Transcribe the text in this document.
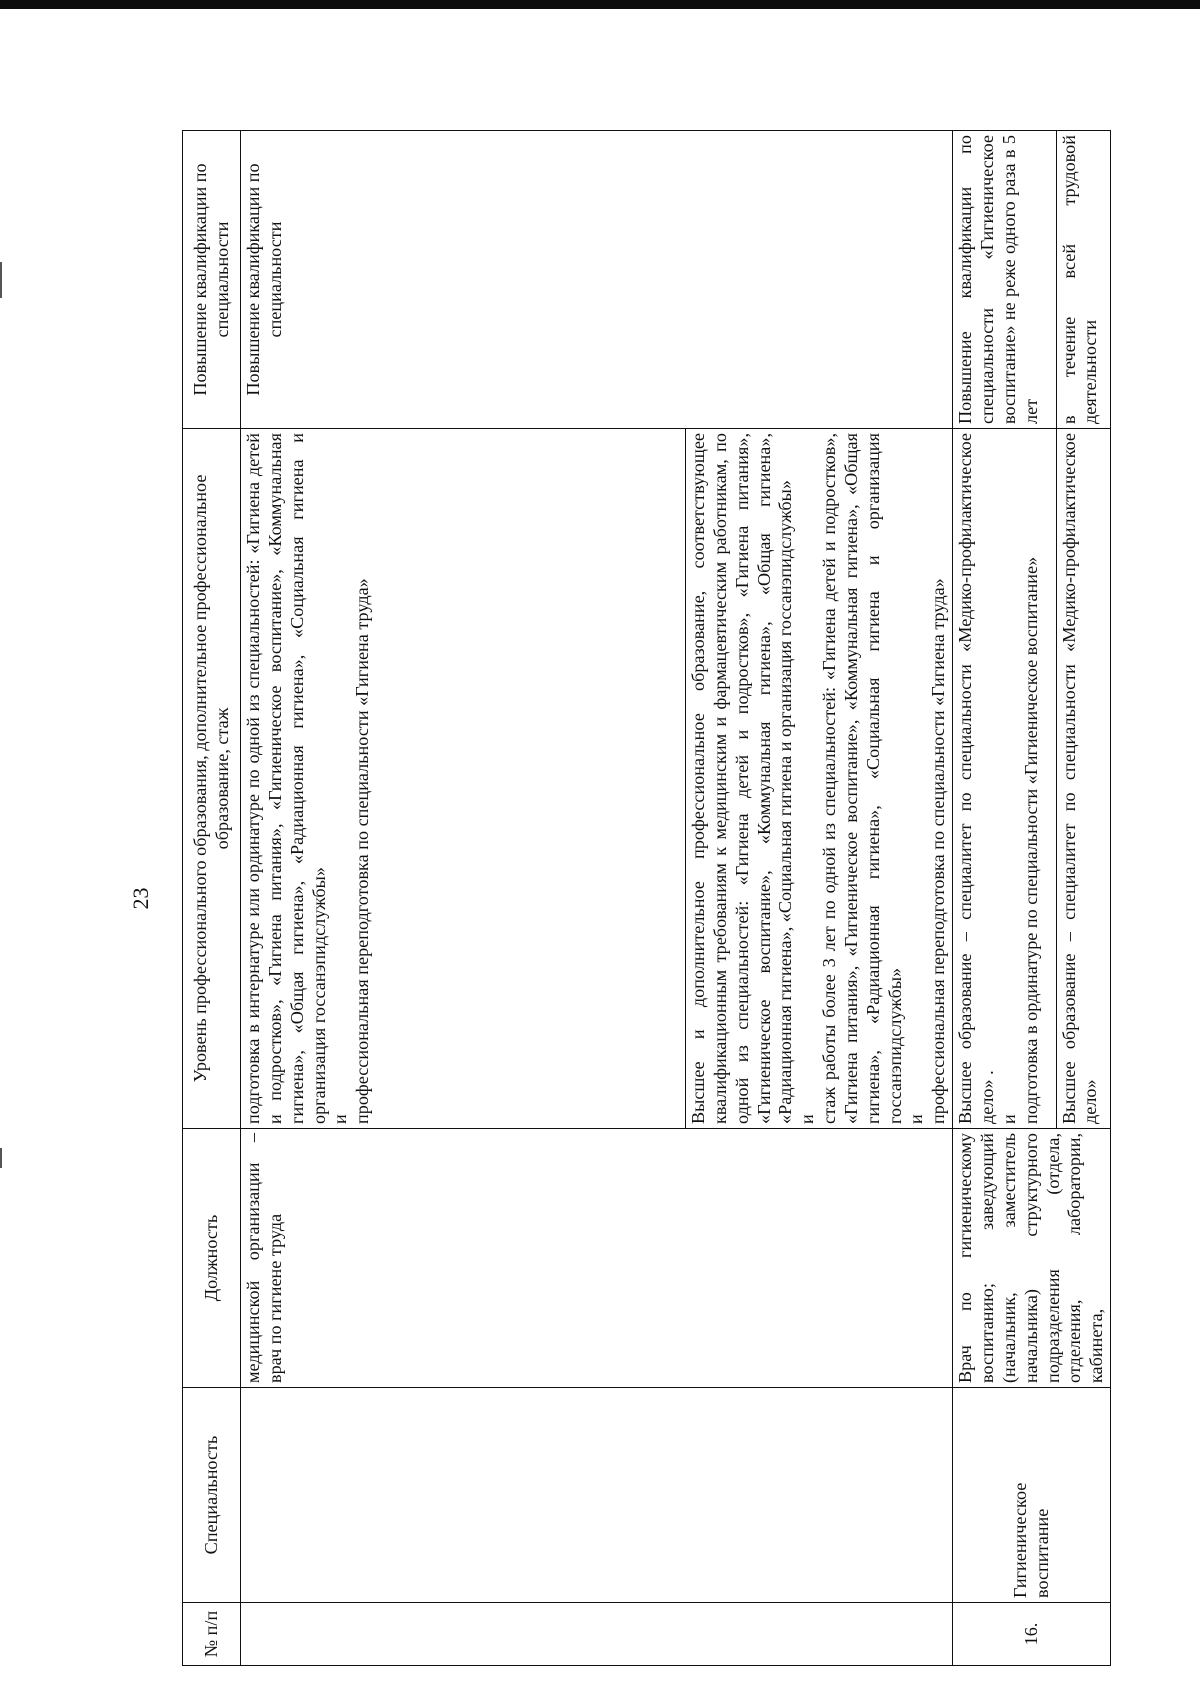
23
№ п/п	Специальность	Должность	Уровень профессионального образования, дополнительное профессиональное образование, стаж	Повышение квалификации по специальности
		медицинской организации – врач по гигиене труда	подготовка в интернатуре или ординатуре по одной из специальностей: «Гигиена детей и подростков», «Гигиена питания», «Гигиеническое воспитание», «Коммунальная гигиена», «Общая гигиена», «Радиационная гигиена», «Социальная гигиена и организация госсанэпидслужбы» и профессиональная переподготовка по специальности «Гигиена труда»	Повышение квалификации по специальности

			Высшее и дополнительное профессиональное образование, соответствующее квалификационным требованиям к медицинским и фармацевтическим работникам, по одной из специальностей: «Гигиена детей и подростков», «Гигиена питания», «Гигиеническое воспитание», «Коммунальная гигиена», «Общая гигиена», «Радиационная гигиена», «Социальная гигиена и организация госсанэпидслужбы» и стаж работы более 3 лет по одной из специальностей: «Гигиена детей и подростков», «Гигиена питания», «Гигиеническое воспитание», «Коммунальная гигиена», «Общая гигиена», «Радиационная гигиена», «Социальная гигиена и организация госсанэпидслужбы» и профессиональная переподготовка по специальности «Гигиена труда»	

16.	Гигиеническое воспитание	Врач по гигиеническому воспитанию; заведующий (начальник, заместитель начальника) структурного подразделения (отдела, отделения, лаборатории, кабинета,	Высшее образование – специалитет по специальности «Медико-профилактическое дело» . и подготовка в ординатуре по специальности «Гигиеническое воспитание»	Повышение квалификации по специальности «Гигиеническое воспитание» не реже одного раза в 5 лет
			Высшее образование – специалитет по специальности «Медико-профилактическое дело»	в течение всей трудовой деятельности
